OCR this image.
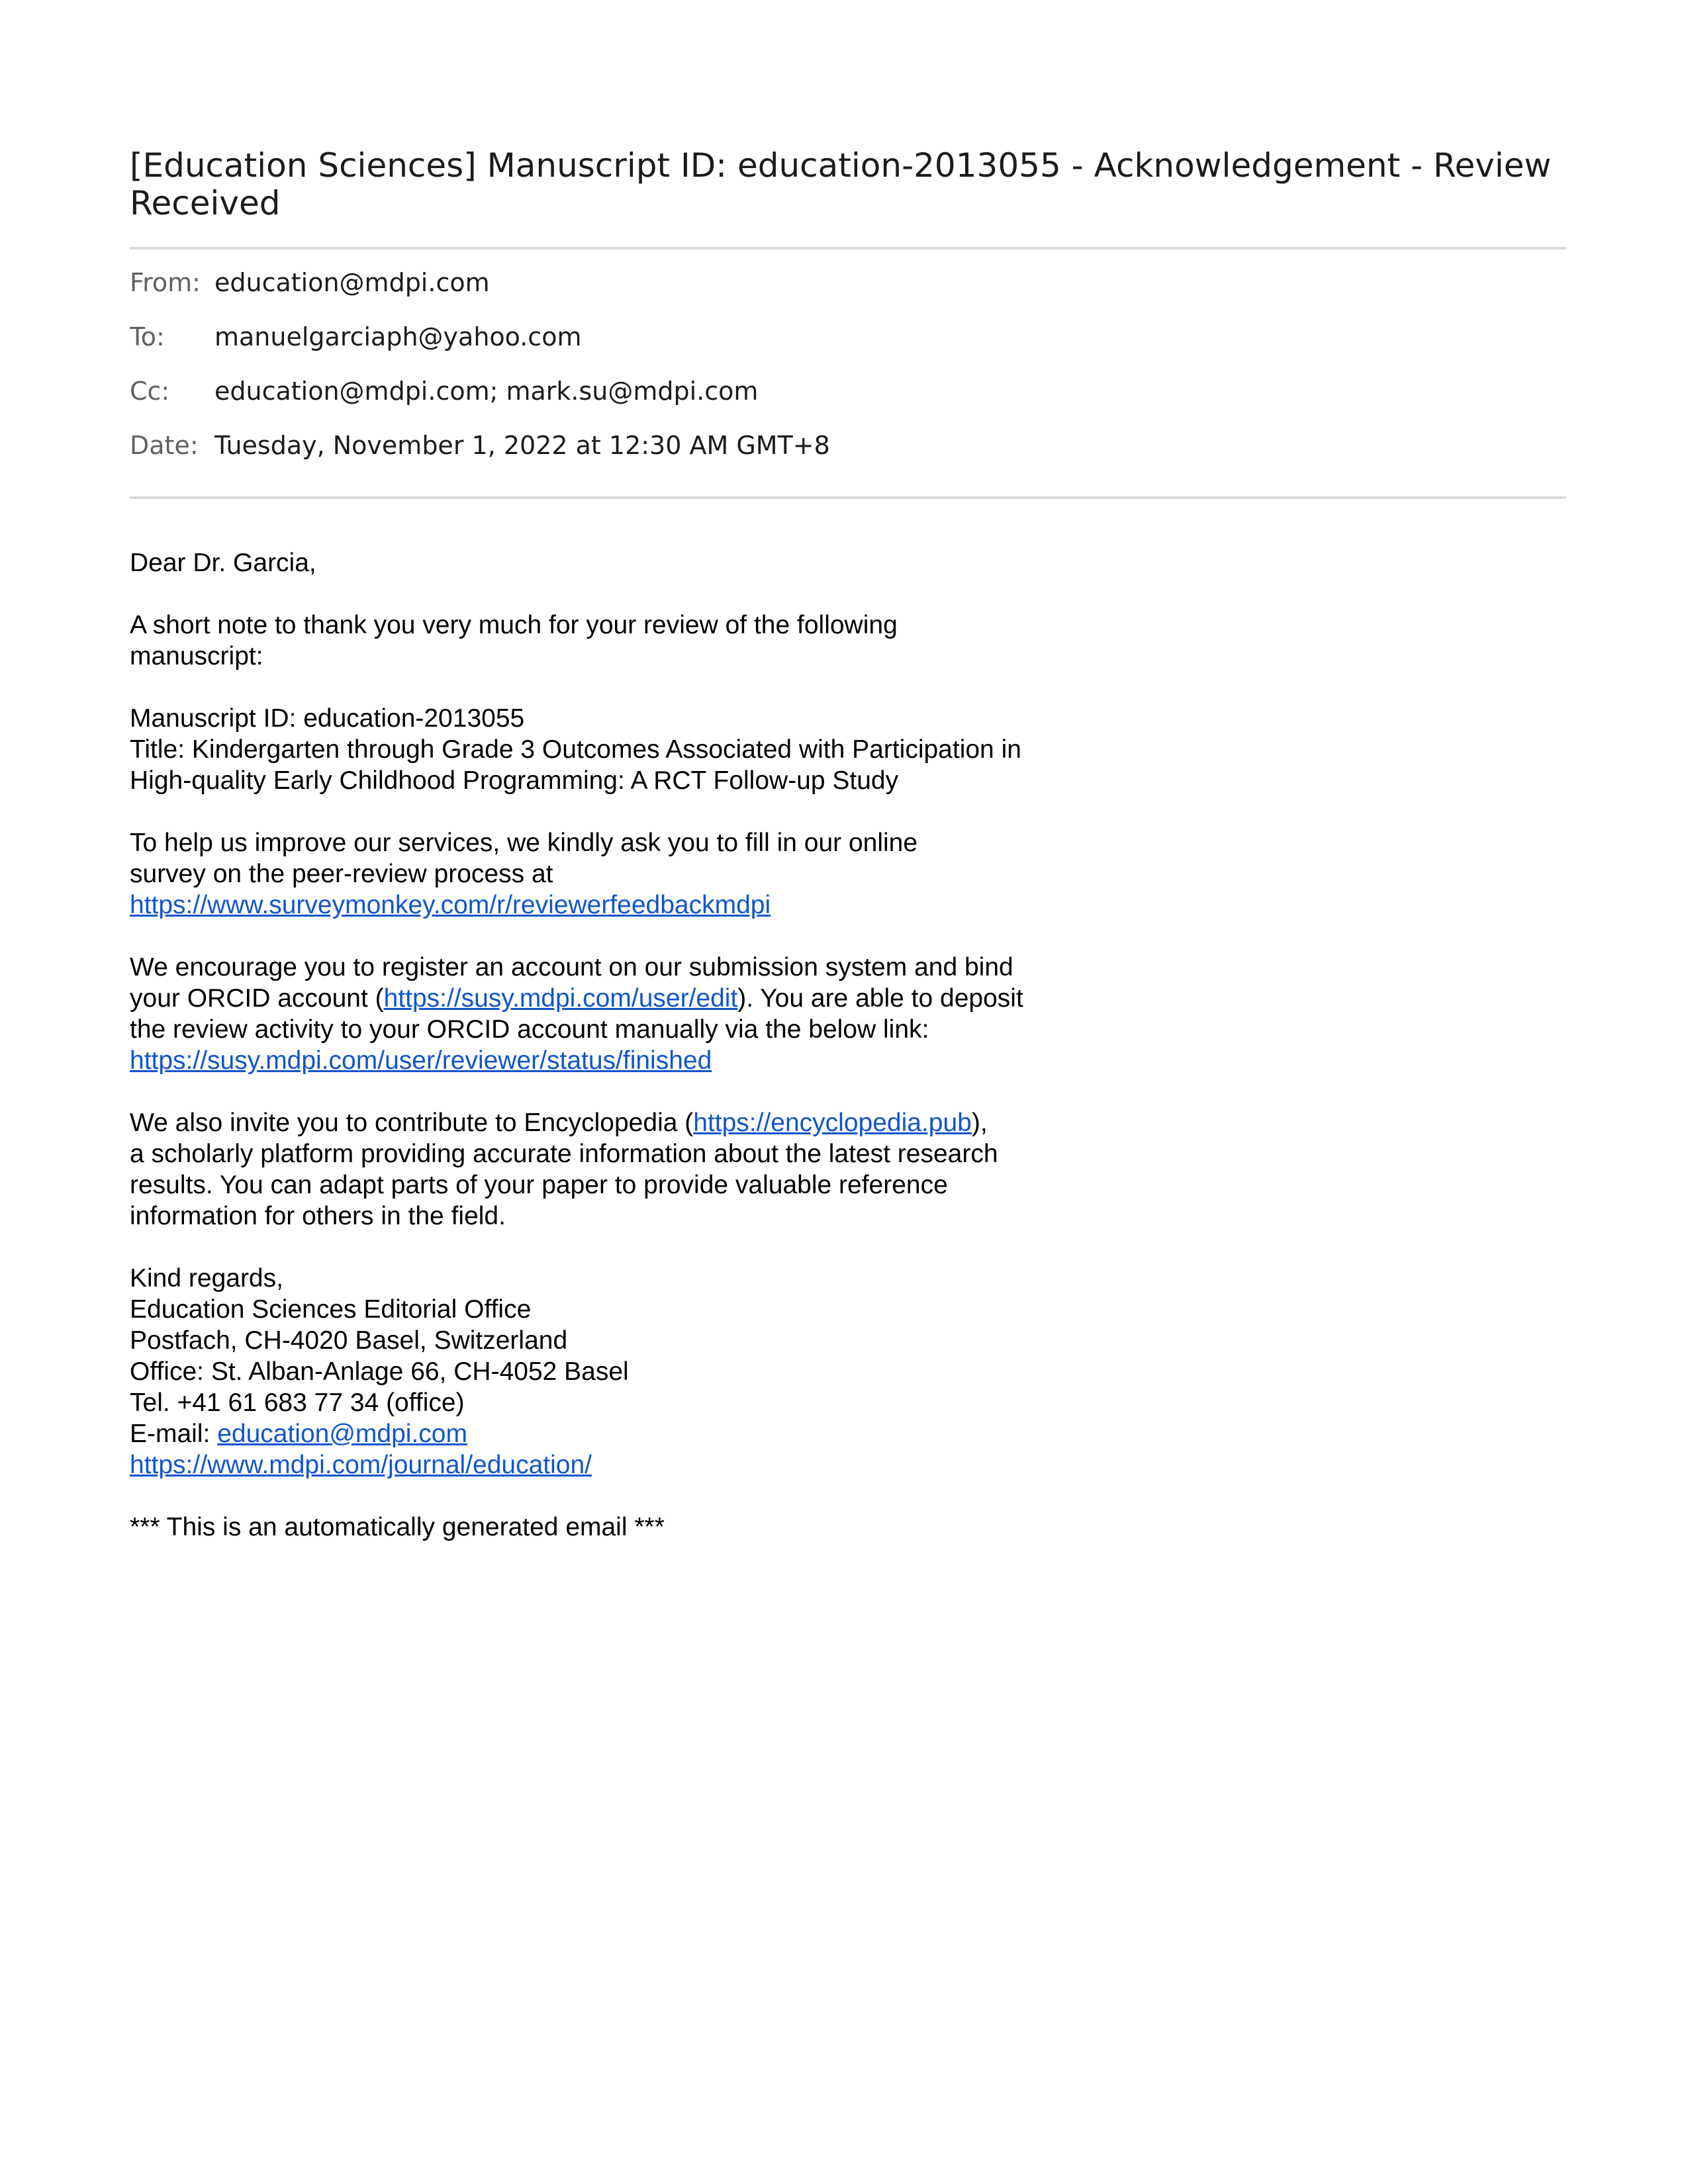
[Education Sciences] Manuscript ID: education-2013055 - Acknowledgement - Review Received
From: education@mdpi.com
To:	manuelgarciaph@yahoo.com
Cc:	education@mdpi.com; mark.su@mdpi.com
Date: Tuesday, November 1, 2022 at 12:30 AM GMT+8

Dear Dr. Garcia,

A short note to thank you very much for your review of the following
manuscript:

Manuscript ID: education-2013055
Title: Kindergarten through Grade 3 Outcomes Associated with Participation in
High-quality Early Childhood Programming: A RCT Follow-up Study

To help us improve our services, we kindly ask you to fill in our online
survey on the peer-review process at
https://www.surveymonkey.com/r/reviewerfeedbackmdpi

We encourage you to register an account on our submission system and bind
your ORCID account (https://susy.mdpi.com/user/edit). You are able to deposit
the review activity to your ORCID account manually via the below link:
https://susy.mdpi.com/user/reviewer/status/finished

We also invite you to contribute to Encyclopedia (https://encyclopedia.pub),
a scholarly platform providing accurate information about the latest research
results. You can adapt parts of your paper to provide valuable reference
information for others in the field.

Kind regards,
Education Sciences Editorial Office
Postfach, CH-4020 Basel, Switzerland
Office: St. Alban-Anlage 66, CH-4052 Basel
Tel. +41 61 683 77 34 (office)
E-mail: education@mdpi.com
https://www.mdpi.com/journal/education/

*** This is an automatically generated email ***
